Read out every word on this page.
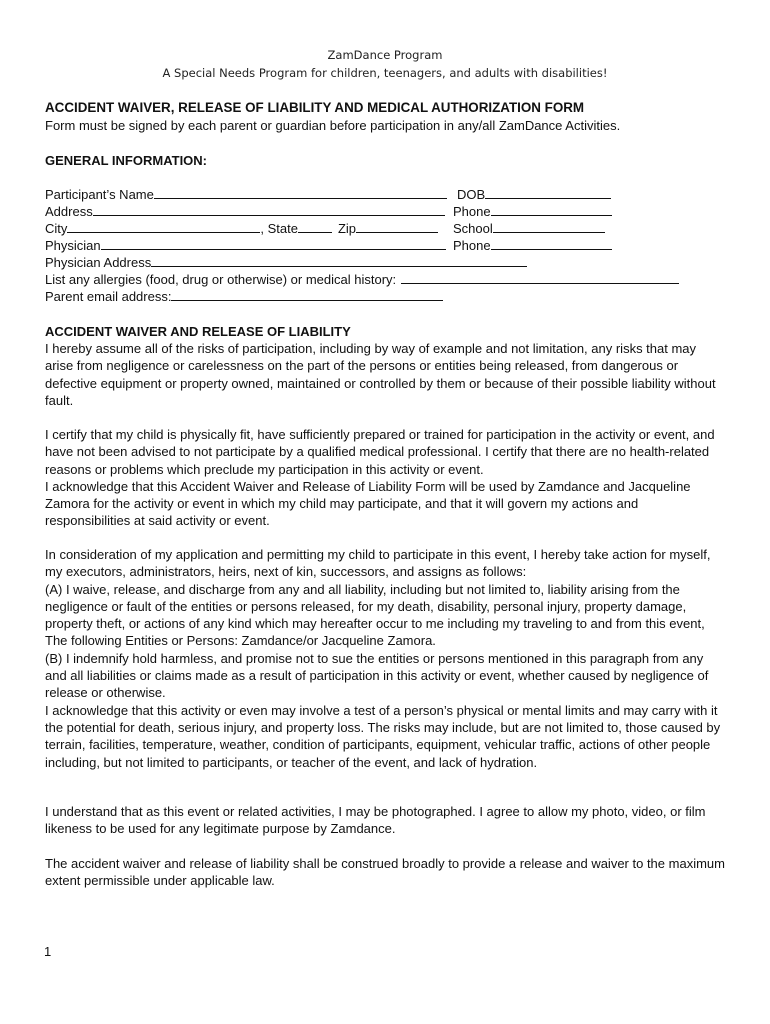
ZamDance Program
A Special Needs Program for children, teenagers, and adults with disabilities!
ACCIDENT WAIVER, RELEASE OF LIABILITY AND MEDICAL AUTHORIZATION FORM
Form must be signed by each parent or guardian before participation in any/all ZamDance Activities.
GENERAL INFORMATION:
Participant’s Name	DOB
Address	Phone
City	, State	Zip	School
Physician	Phone
Physician Address
List any allergies (food, drug or otherwise) or medical history:
Parent email address:
ACCIDENT WAIVER AND RELEASE OF LIABILITY

I hereby assume all of the risks of participation, including by way of example and not limitation, any risks that may arise from negligence or carelessness on the part of the persons or entities being released, from dangerous or defective equipment or property owned, maintained or controlled by them or because of their possible liability without fault.

I certify that my child is physically fit, have sufficiently prepared or trained for participation in the activity or event, and have not been advised to not participate by a qualified medical professional. I certify that there are no health-related reasons or problems which preclude my participation in this activity or event.

I acknowledge that this Accident Waiver and Release of Liability Form will be used by Zamdance and Jacqueline Zamora for the activity or event in which my child may participate, and that it will govern my actions and responsibilities at said activity or event.

In consideration of my application and permitting my child to participate in this event, I hereby take action for myself, my executors, administrators, heirs, next of kin, successors, and assigns as follows:

(A) I waive, release, and discharge from any and all liability, including but not limited to, liability arising from the negligence or fault of the entities or persons released, for my death, disability, personal injury, property damage, property theft, or actions of any kind which may hereafter occur to me including my traveling to and from this event, The following Entities or Persons: Zamdance/or Jacqueline Zamora.

(B) I indemnify hold harmless, and promise not to sue the entities or persons mentioned in this paragraph from any and all liabilities or claims made as a result of participation in this activity or event, whether caused by negligence of release or otherwise.

I acknowledge that this activity or even may involve a test of a person’s physical or mental limits and may carry with it the potential for death, serious injury, and property loss. The risks may include, but are not limited to, those caused by terrain, facilities, temperature, weather, condition of participants, equipment, vehicular traffic, actions of other people including, but not limited to participants, or teacher of the event, and lack of hydration.

I understand that as this event or related activities, I may be photographed. I agree to allow my photo, video, or film likeness to be used for any legitimate purpose by Zamdance.

The accident waiver and release of liability shall be construed broadly to provide a release and waiver to the maximum extent permissible under applicable law.

1
